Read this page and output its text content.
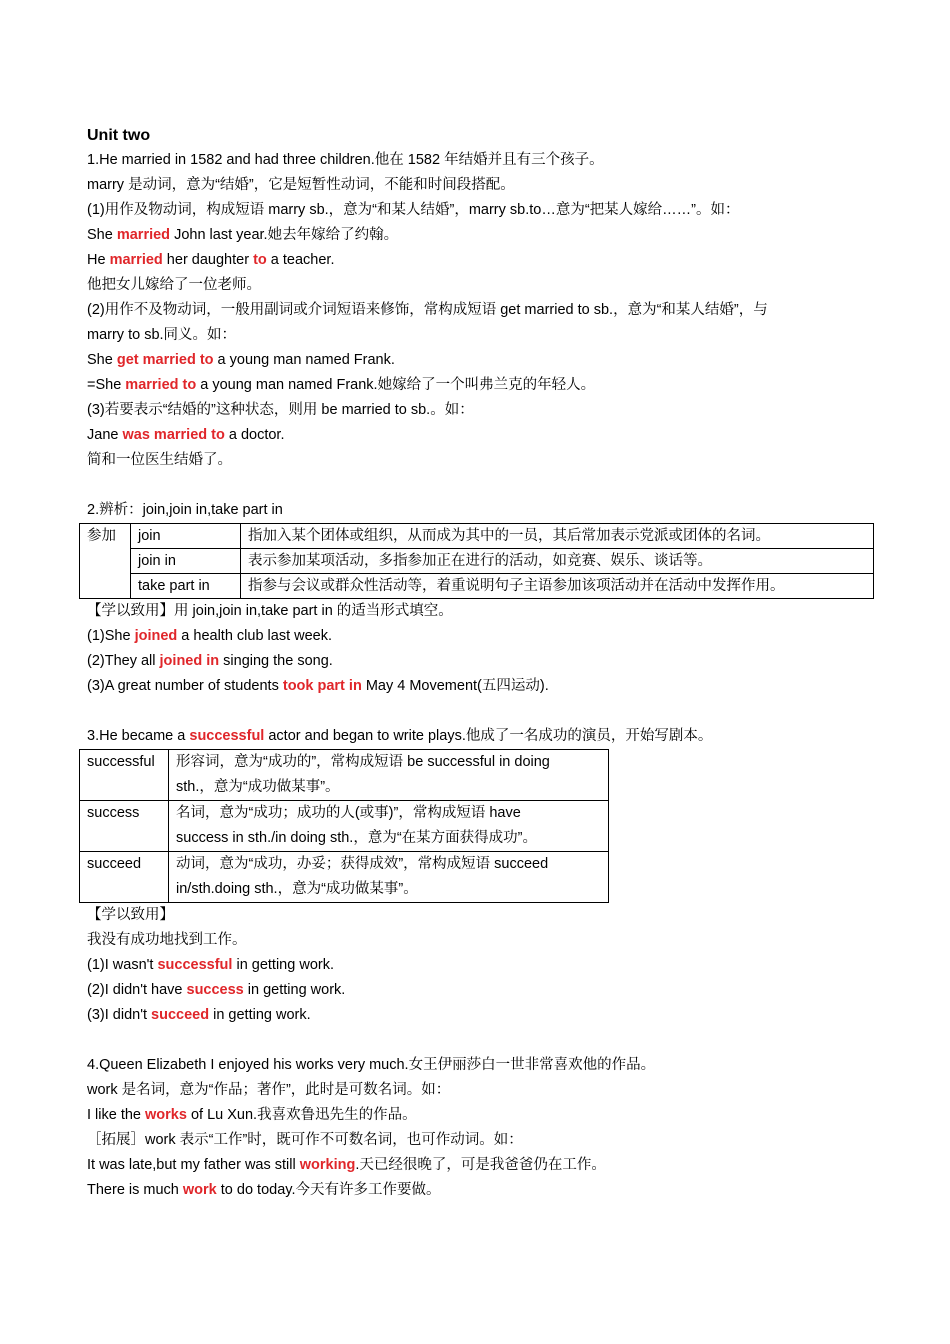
Unit two
1.He married in 1582 and had three children.他在 1582 年结婚并且有三个孩子。
marry 是动词，意为“结婚”，它是短暂性动词，不能和时间段搭配。
(1)用作及物动词，构成短语 marry sb.，意为“和某人结婚”，marry sb.to…意为“把某人嫁给……”。如：
She married John last year.她去年嫁给了约翰。
He married her daughter to a teacher.
他把女儿嫁给了一位老师。
(2)用作不及物动词，一般用副词或介词短语来修饰，常构成短语 get married to sb.，意为“和某人结婚”，与
marry to sb.同义。如：
She get married to a young man named Frank.
=She married to a young man named Frank.她嫁给了一个叫弗兰克的年轻人。
(3)若要表示“结婚的”这种状态，则用 be married to sb.。如：
Jane was married to a doctor.
简和一位医生结婚了。
2.辨析：join,join in,take part in
参加	join	指加入某个团体或组织，从而成为其中的一员，其后常加表示党派或团体的名词。
	join in	表示参加某项活动，多指参加正在进行的活动，如竞赛、娱乐、谈话等。
	take part in	指参与会议或群众性活动等，着重说明句子主语参加该项活动并在活动中发挥作用。
【学以致用】用 join,join in,take part in 的适当形式填空。
(1)She joined a health club last week.
(2)They all joined in singing the song.
(3)A great number of students took part in May 4 Movement(五四运动).
3.He became a successful actor and began to write plays.他成了一名成功的演员，开始写剧本。
successful	形容词，意为“成功的”，常构成短语 be successful in doing
sth.，意为“成功做某事”。

success	名词，意为“成功；成功的人(或事)”，常构成短语 have
success in sth./in doing sth.，意为“在某方面获得成功”。

succeed	动词，意为“成功，办妥；获得成效”，常构成短语 succeed
in/sth.doing sth.，意为“成功做某事”。
【学以致用】
我没有成功地找到工作。
(1)I wasn't successful in getting work.
(2)I didn't have success in getting work.
(3)I didn't succeed in getting work.
4.Queen Elizabeth I enjoyed his works very much.女王伊丽莎白一世非常喜欢他的作品。
work 是名词，意为“作品；著作”，此时是可数名词。如：
I like the works of Lu Xun.我喜欢鲁迅先生的作品。
［拓展］work 表示“工作”时，既可作不可数名词，也可作动词。如：
It was late,but my father was still working.天已经很晚了，可是我爸爸仍在工作。
There is much work to do today.今天有许多工作要做。
